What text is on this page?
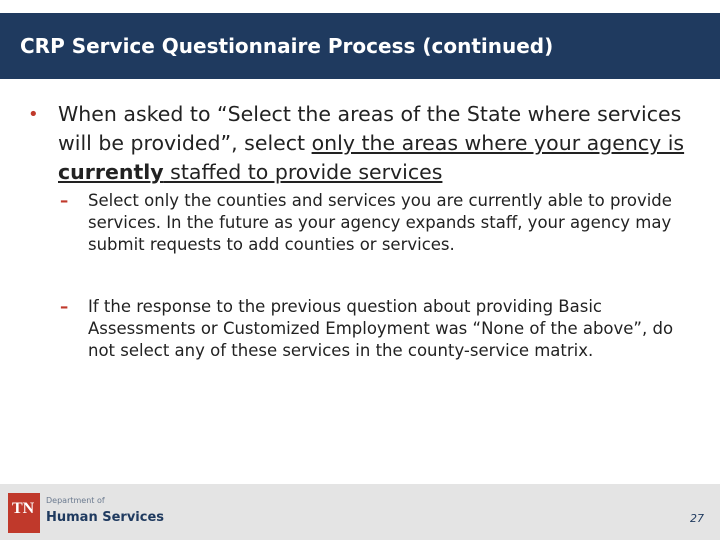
CRP Service Questionnaire Process (continued)
• When asked to “Select the areas of the State where services will be provided”, select only the areas where your agency is currently staffed to provide services
– Select only the counties and services you are currently able to provide services. In the future as your agency expands staff, your agency may submit requests to add counties or services.
– If the response to the previous question about providing Basic Assessments or Customized Employment was “None of the above”, do not select any of these services in the county-service matrix.
TN Department of
Human Services	27
